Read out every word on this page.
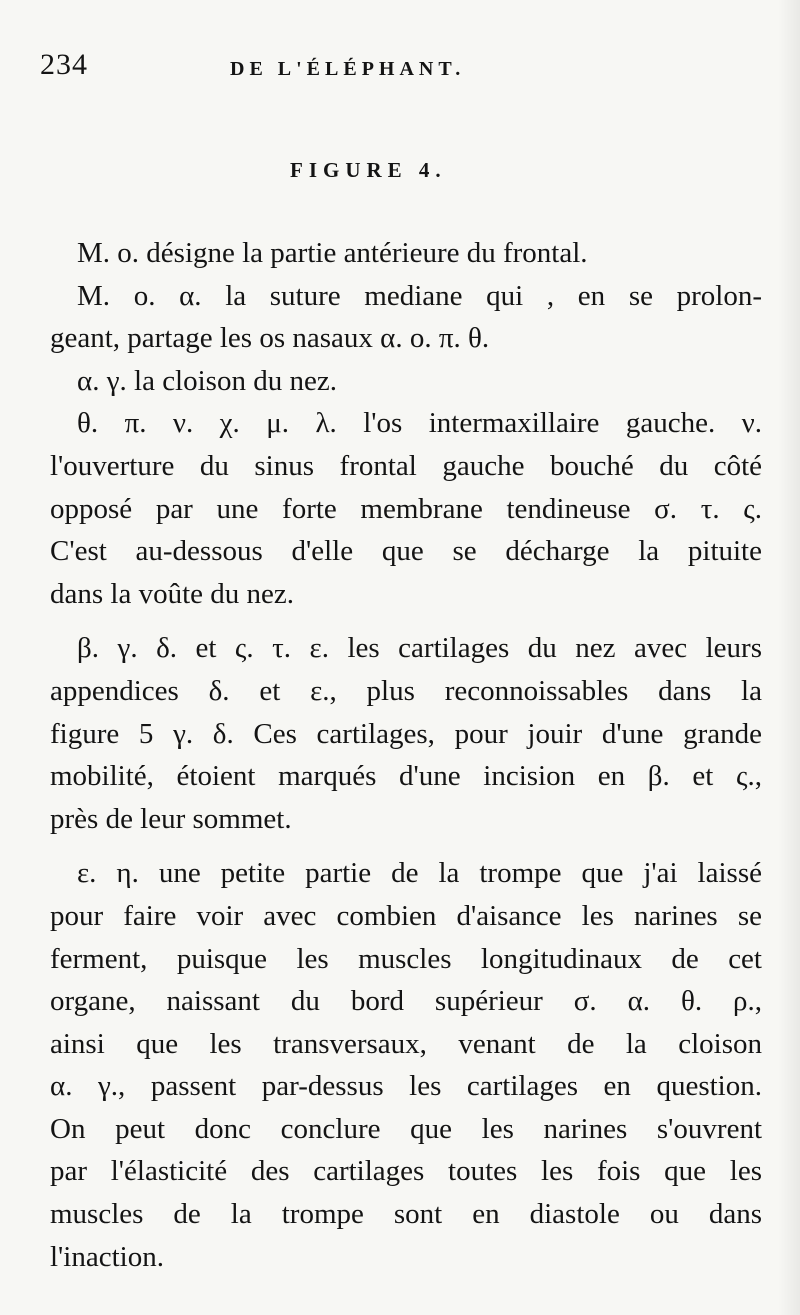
234	DE L'ÉLÉPHANT.
FIGURE 4.
M. o. désigne la partie antérieure du frontal.
M. o. α. la suture mediane qui , en se prolon-
geant, partage les os nasaux α. o. π. θ.
α. γ. la cloison du nez.
θ. π. ν. χ. μ. λ. l'os intermaxillaire gauche. ν.
l'ouverture du sinus frontal gauche bouché du côté
opposé par une forte membrane tendineuse σ. τ. ς.
C'est au-dessous d'elle que se décharge la pituite
dans la voûte du nez.
β. γ. δ. et ς. τ. ε. les cartilages du nez avec leurs
appendices δ. et ε., plus reconnoissables dans la
figure 5 γ. δ. Ces cartilages, pour jouir d'une grande
mobilité, étoient marqués d'une incision en β. et ς.,
près de leur sommet.
ε. η. une petite partie de la trompe que j'ai laissé
pour faire voir avec combien d'aisance les narines se
ferment, puisque les muscles longitudinaux de cet
organe, naissant du bord supérieur σ. α. θ. ρ.,
ainsi que les transversaux, venant de la cloison
α. γ., passent par-dessus les cartilages en question.
On peut donc conclure que les narines s'ouvrent
par l'élasticité des cartilages toutes les fois que les
muscles de la trompe sont en diastole ou dans
l'inaction.
